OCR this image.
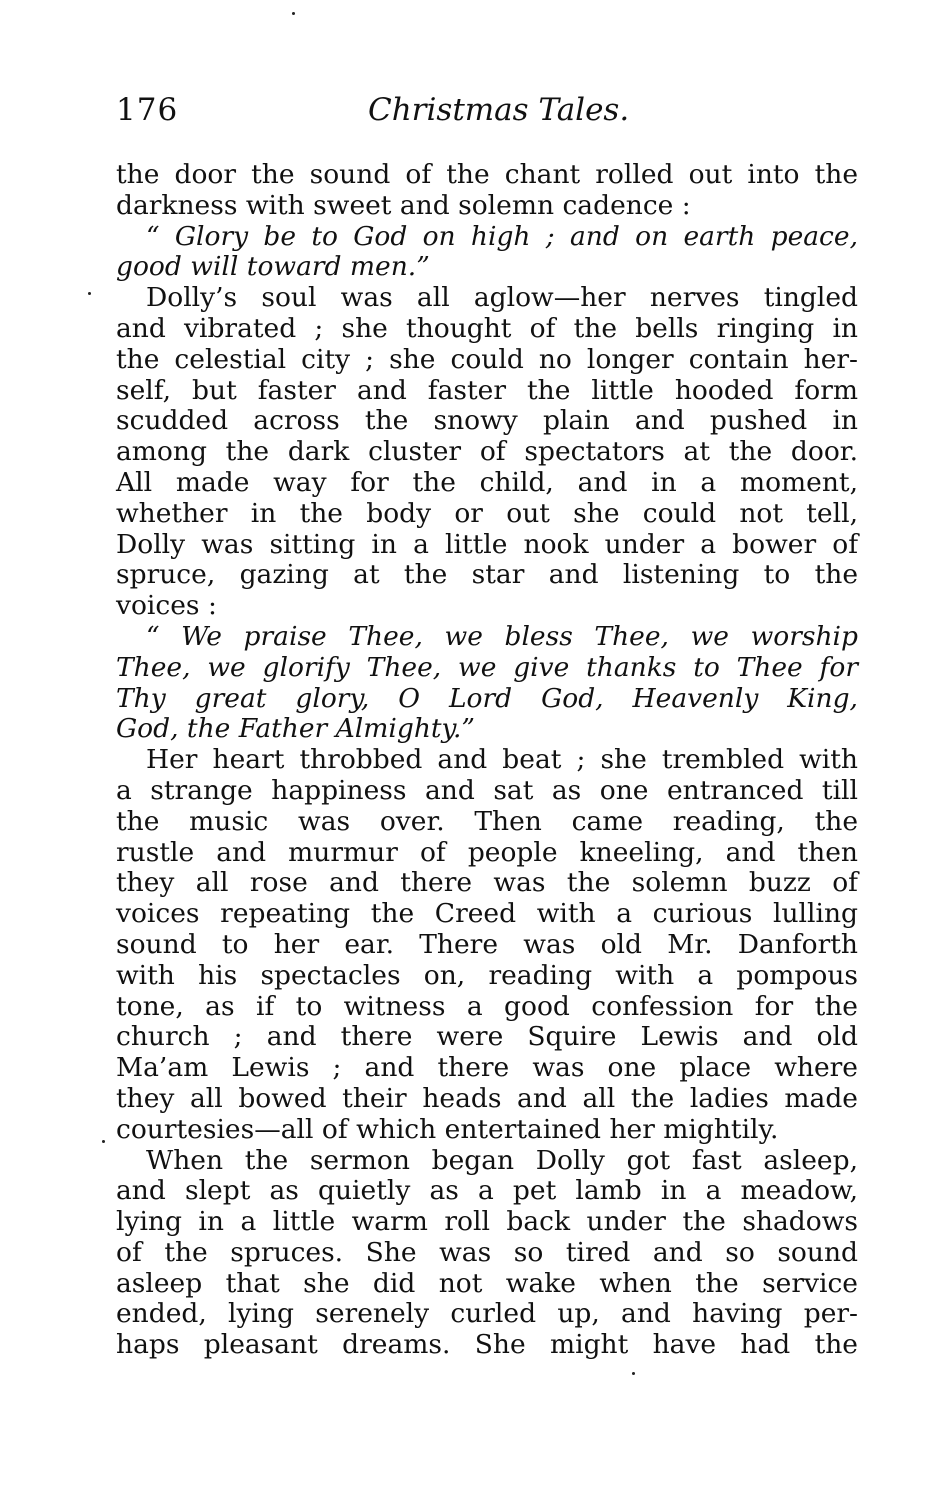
176	Christmas Tales.
the door the sound of the chant rolled out into the
darkness with sweet and solemn cadence :
“ Glory be to God on high ; and on earth peace,
good will toward men.”
Dolly’s soul was all aglow—her nerves tingled
and vibrated ; she thought of the bells ringing in
the celestial city ; she could no longer contain her-
self, but faster and faster the little hooded form
scudded across the snowy plain and pushed in
among the dark cluster of spectators at the door.
All made way for the child, and in a moment,
whether in the body or out she could not tell,
Dolly was sitting in a little nook under a bower of
spruce, gazing at the star and listening to the
voices :
“ We praise Thee, we bless Thee, we worship
Thee, we glorify Thee, we give thanks to Thee for
Thy great glory, O Lord God, Heavenly King,
God, the Father Almighty.”
Her heart throbbed and beat ; she trembled with
a strange happiness and sat as one entranced till
the music was over. Then came reading, the
rustle and murmur of people kneeling, and then
they all rose and there was the solemn buzz of
voices repeating the Creed with a curious lulling
sound to her ear. There was old Mr. Danforth
with his spectacles on, reading with a pompous
tone, as if to witness a good confession for the
church ; and there were Squire Lewis and old
Ma’am Lewis ; and there was one place where
they all bowed their heads and all the ladies made
courtesies—all of which entertained her mightily.
When the sermon began Dolly got fast asleep,
and slept as quietly as a pet lamb in a meadow,
lying in a little warm roll back under the shadows
of the spruces. She was so tired and so sound
asleep that she did not wake when the service
ended, lying serenely curled up, and having per-
haps pleasant dreams. She might have had the
